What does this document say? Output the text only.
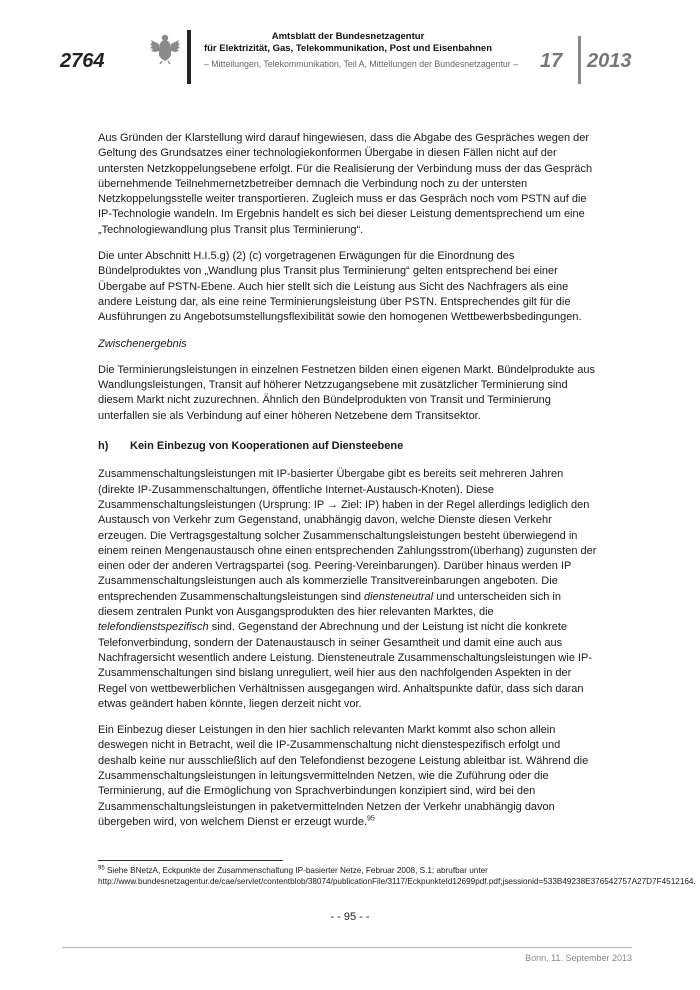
2764
Amtsblatt der Bundesnetzagentur
für Elektrizität, Gas, Telekommunikation, Post und Eisenbahnen
– Mitteilungen, Telekommunikation, Teil A, Mitteilungen der Bundesnetzagentur –	17 2013

Aus Gründen der Klarstellung wird darauf hingewiesen, dass die Abgabe des Gespräches wegen der Geltung des Grundsatzes einer technologiekonformen Übergabe in diesen Fällen nicht auf der untersten Netzkoppelungsebene erfolgt. Für die Realisierung der Verbindung muss der das Gespräch übernehmende Teilnehmernetzbetreiber demnach die Verbindung noch zu der untersten Netzkoppelungsstelle weiter transportieren. Zugleich muss er das Gespräch noch vom PSTN auf die IP-Technologie wandeln. Im Ergebnis handelt es sich bei dieser Leistung dementsprechend um eine „Technologiewandlung plus Transit plus Terminierung“.

Die unter Abschnitt H.I.5.g) (2) (c) vorgetragenen Erwägungen für die Einordnung des Bündelproduktes von „Wandlung plus Transit plus Terminierung“ gelten entsprechend bei einer Übergabe auf PSTN-Ebene. Auch hier stellt sich die Leistung aus Sicht des Nachfragers als eine andere Leistung dar, als eine reine Terminierungsleistung über PSTN. Entsprechendes gilt für die Ausführungen zu Angebotsumstellungsflexibilität sowie den homogenen Wettbewerbsbedingungen.

Zwischenergebnis

Die Terminierungsleistungen in einzelnen Festnetzen bilden einen eigenen Markt. Bündelprodukte aus Wandlungsleistungen, Transit auf höherer Netzzugangsebene mit zusätzlicher Terminierung sind diesem Markt nicht zuzurechnen. Ähnlich den Bündelprodukten von Transit und Terminierung unterfallen sie als Verbindung auf einer höheren Netzebene dem Transitsektor.

h) Kein Einbezug von Kooperationen auf Diensteebene

Zusammenschaltungsleistungen mit IP-basierter Übergabe gibt es bereits seit mehreren Jahren (direkte IP-Zusammenschaltungen, öffentliche Internet-Austausch-Knoten). Diese Zusammenschaltungsleistungen (Ursprung: IP → Ziel: IP) haben in der Regel allerdings lediglich den Austausch von Verkehr zum Gegenstand, unabhängig davon, welche Dienste diesen Verkehr erzeugen. Die Vertragsgestaltung solcher Zusammenschaltungsleistungen besteht überwiegend in einem reinen Mengenaustausch ohne einen entsprechenden Zahlungsstrom(überhang) zugunsten der einen oder der anderen Vertragspartei (sog. Peering-Vereinbarungen). Darüber hinaus werden IP Zusammenschaltungsleistungen auch als kommerzielle Transitvereinbarungen angeboten. Die entsprechenden Zusammenschaltungsleistungen sind diensteneutral und unterscheiden sich in diesem zentralen Punkt von Ausgangsprodukten des hier relevanten Marktes, die telefondienstspezifisch sind. Gegenstand der Abrechnung und der Leistung ist nicht die konkrete Telefonverbindung, sondern der Datenaustausch in seiner Gesamtheit und damit eine auch aus Nachfragersicht wesentlich andere Leistung. Diensteneutrale Zusammenschaltungsleistungen wie IP-Zusammenschaltungen sind bislang unreguliert, weil hier aus den nachfolgenden Aspekten in der Regel von wettbewerblichen Verhältnissen ausgegangen wird. Anhaltspunkte dafür, dass sich daran etwas geändert haben könnte, liegen derzeit nicht vor.

Ein Einbezug dieser Leistungen in den hier sachlich relevanten Markt kommt also schon allein deswegen nicht in Betracht, weil die IP-Zusammenschaltung nicht dienstespezifisch erfolgt und deshalb keine nur ausschließlich auf den Telefondienst bezogene Leistung ableitbar ist. Während die Zusammenschaltungsleistungen in leitungsvermittelnden Netzen, wie die Zuführung oder die Terminierung, auf die Ermöglichung von Sprachverbindungen konzipiert sind, wird bei den Zusammenschaltungsleistungen in paketvermittelnden Netzen der Verkehr unabhängig davon übergeben wird, von welchem Dienst er erzeugt wurde.$^{95}$

$^{95}$ Siehe BNetzA, Eckpunkte der Zusammenschaltung IP-basierter Netze, Februar 2008, S.1; abrufbar unter http://www.bundesnetzagentur.de/cae/servlet/contentblob/38074/publicationFile/3117/EckpunkteId12699pdf.pdf;jsessionid=533B49238E376542757A27D7F4512164.
- - 95 - -
Bonn, 11. September 2013
